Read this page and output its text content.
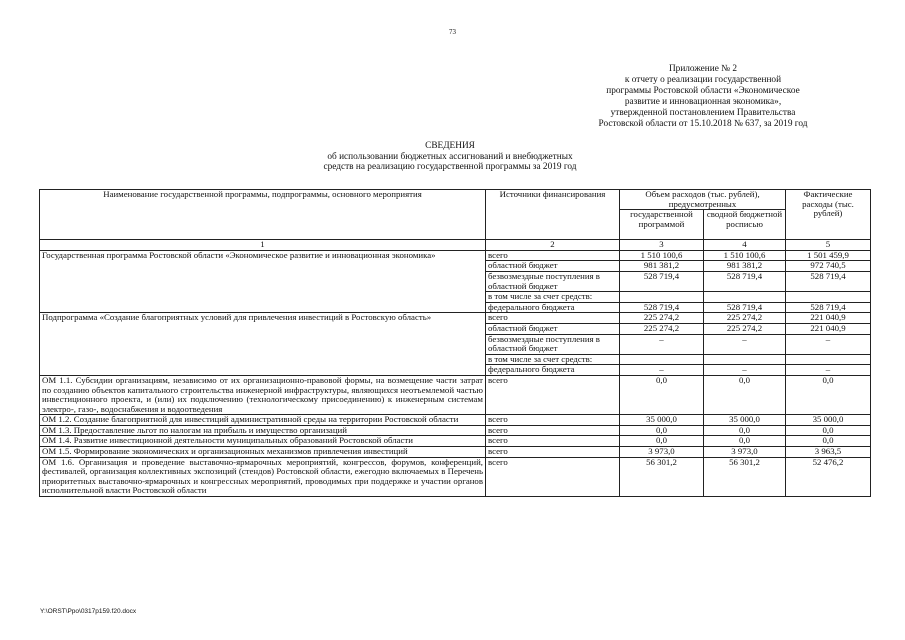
73
Приложение № 2
к отчету о реализации государственной
программы Ростовской области «Экономическое
развитие и инновационная экономика»,
утвержденной постановлением Правительства
Ростовской области от 15.10.2018 № 637, за 2019 год
СВЕДЕНИЯ
об использовании бюджетных ассигнований и внебюджетных
средств на реализацию государственной программы за 2019 год
Наименование государственной программы, подпрограммы, основного мероприятия	Источники финансирования	Объем расходов (тыс. рублей), предусмотренных		Фактические расходы (тыс. рублей)
		государственной программой	сводной бюджетной росписью	
1	2	3	4	5
Государственная программа Ростовской области «Экономическое развитие и инновационная экономика»	всего	1 510 100,6	1 510 100,6	1 501 459,9
	областной бюджет	981 381,2	981 381,2	972 740,5
	безвозмездные поступления в областной бюджет	528 719,4	528 719,4	528 719,4
	в том числе за счет средств:			
	федерального бюджета	528 719,4	528 719,4	528 719,4
Подпрограмма «Создание благоприятных условий для привлечения инвестиций в Ростовскую область»	всего	225 274,2	225 274,2	221 040,9
	областной бюджет	225 274,2	225 274,2	221 040,9
	безвозмездные поступления в областной бюджет	–	–	–
	в том числе за счет средств:			
	федерального бюджета	–	–	–
ОМ 1.1. Субсидии организациям, независимо от их организационно-правовой формы, на возмещение части затрат по созданию объектов капитального строительства инженерной инфраструктуры, являющихся неотъемлемой частью инвестиционного проекта, и (или) их подключению (технологическому присоединению) к инженерным системам электро-, газо-, водоснабжения и водоотведения	всего	0,0	0,0	0,0
ОМ 1.2. Создание благоприятной для инвестиций административной среды на территории Ростовской области	всего	35 000,0	35 000,0	35 000,0
ОМ 1.3. Предоставление льгот по налогам на прибыль и имущество организаций	всего	0,0	0,0	0,0
ОМ 1.4. Развитие инвестиционной деятельности муниципальных образований Ростовской области	всего	0,0	0,0	0,0
ОМ 1.5. Формирование экономических и организационных механизмов привлечения инвестиций	всего	3 973,0	3 973,0	3 963,5
ОМ 1.6. Организация и проведение выставочно-ярмарочных мероприятий, конгрессов, форумов, конференций, фестивалей, организация коллективных экспозиций (стендов) Ростовской области, ежегодно включаемых в Перечень приоритетных выставочно-ярмарочных и конгрессных мероприятий, проводимых при поддержке и участии органов исполнительной власти Ростовской области	всего	56 301,2	56 301,2	52 476,2
Y:\ORST\Ppo\0317p159.f20.docx
